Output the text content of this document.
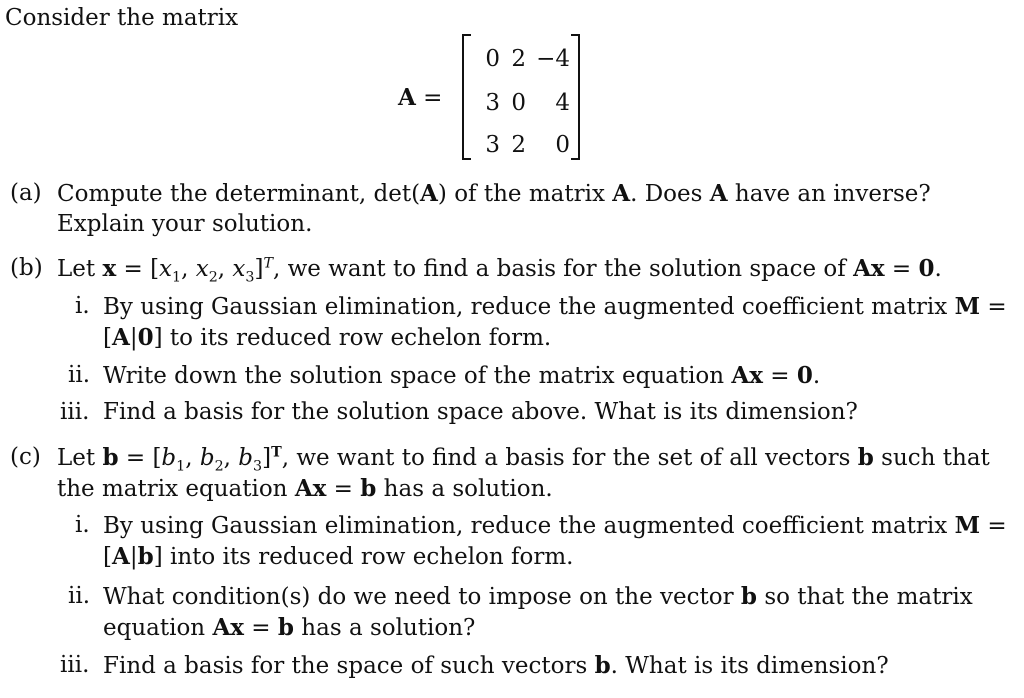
Consider the matrix
A =
0 2 −4
3 0	4
3 2	0
(a) Compute the determinant, det(A) of the matrix A. Does A have an inverse?
Explain your solution.
(b) Let $x = [x_1$, $x_2$, $x_3]^T$, we want to find a basis for the solution space of Ax = 0.
i. By using Gaussian elimination, reduce the augmented coefficient matrix M =
[A|0] to its reduced row echelon form.
ii. Write down the solution space of the matrix equation Ax = 0.
iii. Find a basis for the solution space above. What is its dimension?
(c) Let $b = [b_1$, $b_2$, $b_3]^T$, we want to find a basis for the set of all vectors b such that
the matrix equation Ax = b has a solution.
i. By using Gaussian elimination, reduce the augmented coefficient matrix M =
[A|b] into its reduced row echelon form.
ii. What condition(s) do we need to impose on the vector b so that the matrix
equation Ax = b has a solution?
iii. Find a basis for the space of such vectors b. What is its dimension?
